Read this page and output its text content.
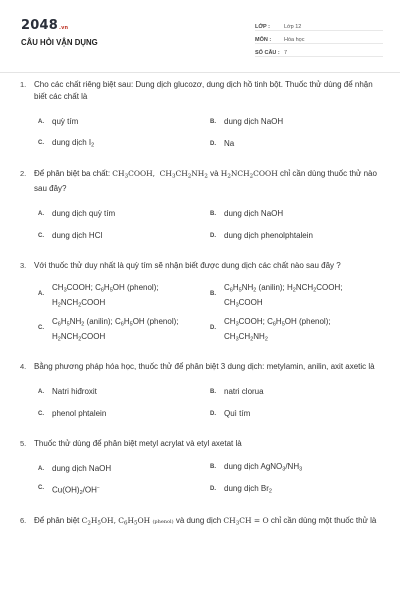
2048.vn
CÂU HỎI VẬN DỤNG
LỚP :	Lớp 12
MÔN :	Hóa học
SỐ CÂU : 7
1. Cho các chất riêng biệt sau: Dung dịch glucozơ, dung dịch hồ tinh bột. Thuốc thử dùng để nhận biết các chất là
A. quỳ tím	B. dung dịch NaOH
C. dung dịch $I_2$	D. Na
2. Để phân biệt ba chất: $CH_3COOH$,  $CH_3CH_2NH_2$ và $H_2NCH_2COOH$ chỉ cần dùng thuốc thử nào sau đây?
A. dung dịch quỳ tím	B. dung dịch NaOH
C. dung dịch HCl	D. dung dịch phenolphtalein
3. Với thuốc thử duy nhất là quỳ tím sẽ nhận biết được dung dịch các chất nào sau đây ?
A.
$CH_3COOH$; $C_6H_5OH$ (phenol);
$H_2NCH_2COOH$
B.
$C_6H_5NH_2$ (anilin); $H_2NCH_2COOH$;
$CH_3COOH$
C.
$C_6H_5NH_2$ (anilin); $C_6H_5OH$ (phenol);
$H_2NCH_2COOH$
D.
$CH_3COOH$; $C_6H_5OH$ (phenol);
$CH_3CH_2NH_2$
4. Bằng phương pháp hóa học, thuốc thử để phân biệt 3 dung dịch: metylamin, anilin, axit axetic là
A. Natri hiđroxit	B. natri clorua
C. phenol phtalein	D. Quì tím
5. Thuốc thử dùng để phân biệt metyl acrylat và etyl axetat là
A. dung dịch NaOH	B. dung dịch $AgNO_3/NH_3$
C. $Cu(OH)_2/OH^-$	D. dung dịch $Br_2$
6. Để phân biệt $C_2H_5OH$, $C_6H_5OH$ (phenol) và dung dịch $CH_3CH = O$ chỉ cần dùng một thuốc thử là
